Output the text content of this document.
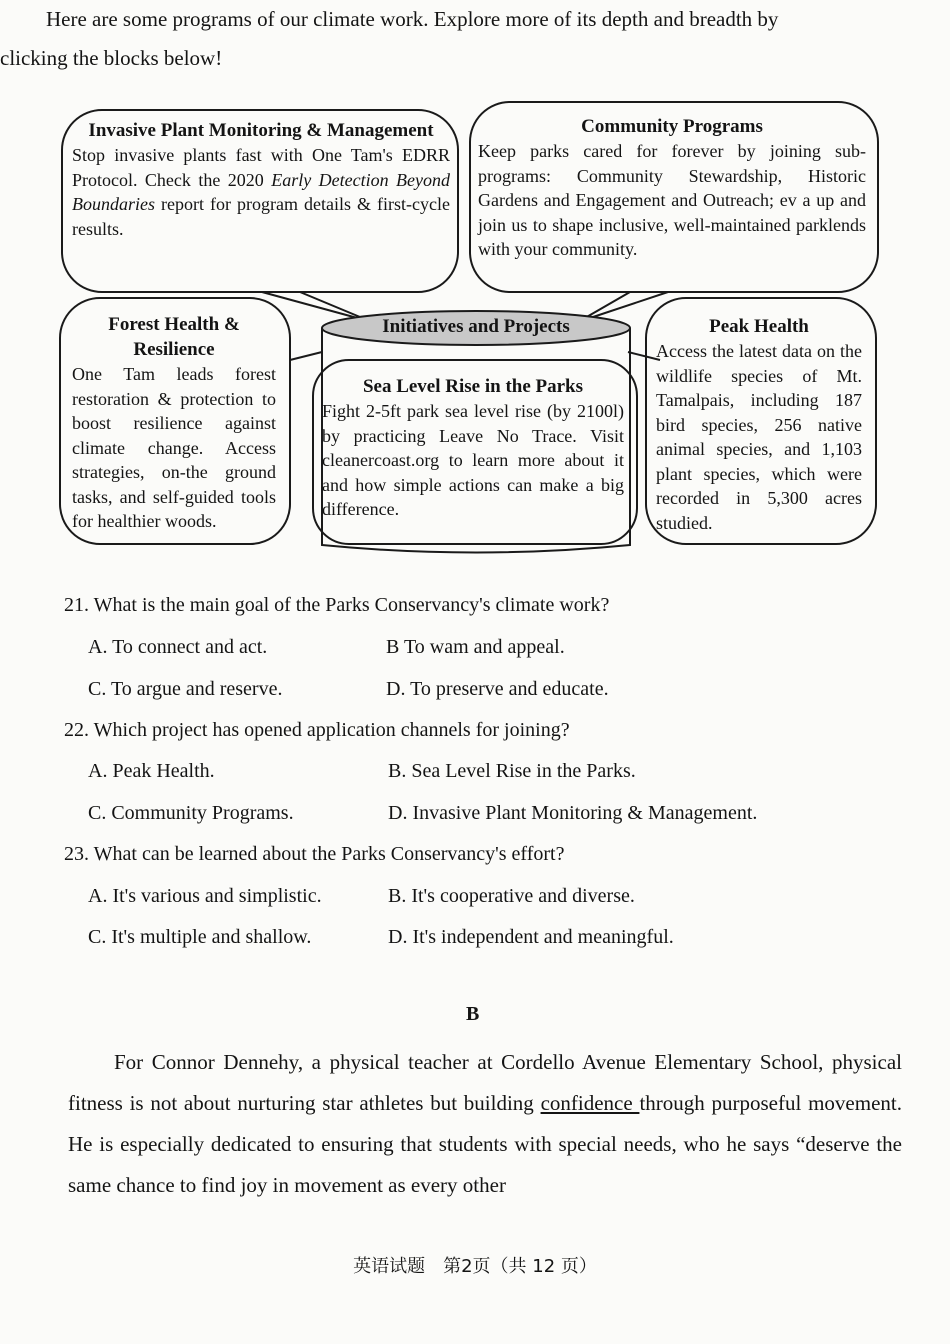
Here are some programs of our climate work. Explore more of its depth and breadth by clicking the blocks below!

Invasive Plant Monitoring & Management
Stop invasive plants fast with One Tam's EDRR Protocol. Check the 2020 Early Detection Beyond Boundaries report for program details & first-cycle results.
Community Programs
Keep parks cared for forever by joining sub-programs: Community Stewardship, Historic Gardens and Engagement and Outreach; ev a up and join us to shape inclusive, well-maintained parklends with your community.
Forest Health & Resilience
One Tam leads forest restoration & protection to boost resilience against climate change. Access strategies, on-the ground tasks, and self-guided tools for healthier woods.
Initiatives and Projects
Sea Level Rise in the Parks
Fight 2-5ft park sea level rise (by 2100l) by practicing Leave No Trace. Visit cleanercoast.org to learn more about it and how simple actions can make a big difference.
Peak Health
Access the latest data on the wildlife species of Mt. Tamalpais, including 187 bird species, 256 native animal species, and 1,103 plant species, which were recorded in 5,300 acres studied.
21. What is the main goal of the Parks Conservancy's climate work?
A. To connect and act.	B To wam and appeal.
C. To argue and reserve.	D. To preserve and educate.
22. Which project has opened application channels for joining?
A. Peak Health.	B. Sea Level Rise in the Parks.
C. Community Programs.	D. Invasive Plant Monitoring & Management.
23. What can be learned about the Parks Conservancy's effort?
A. It's various and simplistic.	B. It's cooperative and diverse.
C. It's multiple and shallow.	D. It's independent and meaningful.
B

For Connor Dennehy, a physical teacher at Cordello Avenue Elementary School, physical fitness is not about nurturing star athletes but building confidence through purposeful movement. He is especially dedicated to ensuring that students with special needs, who he says “deserve the same chance to find joy in movement as every other

英语试题　第2页（共 12 页）
